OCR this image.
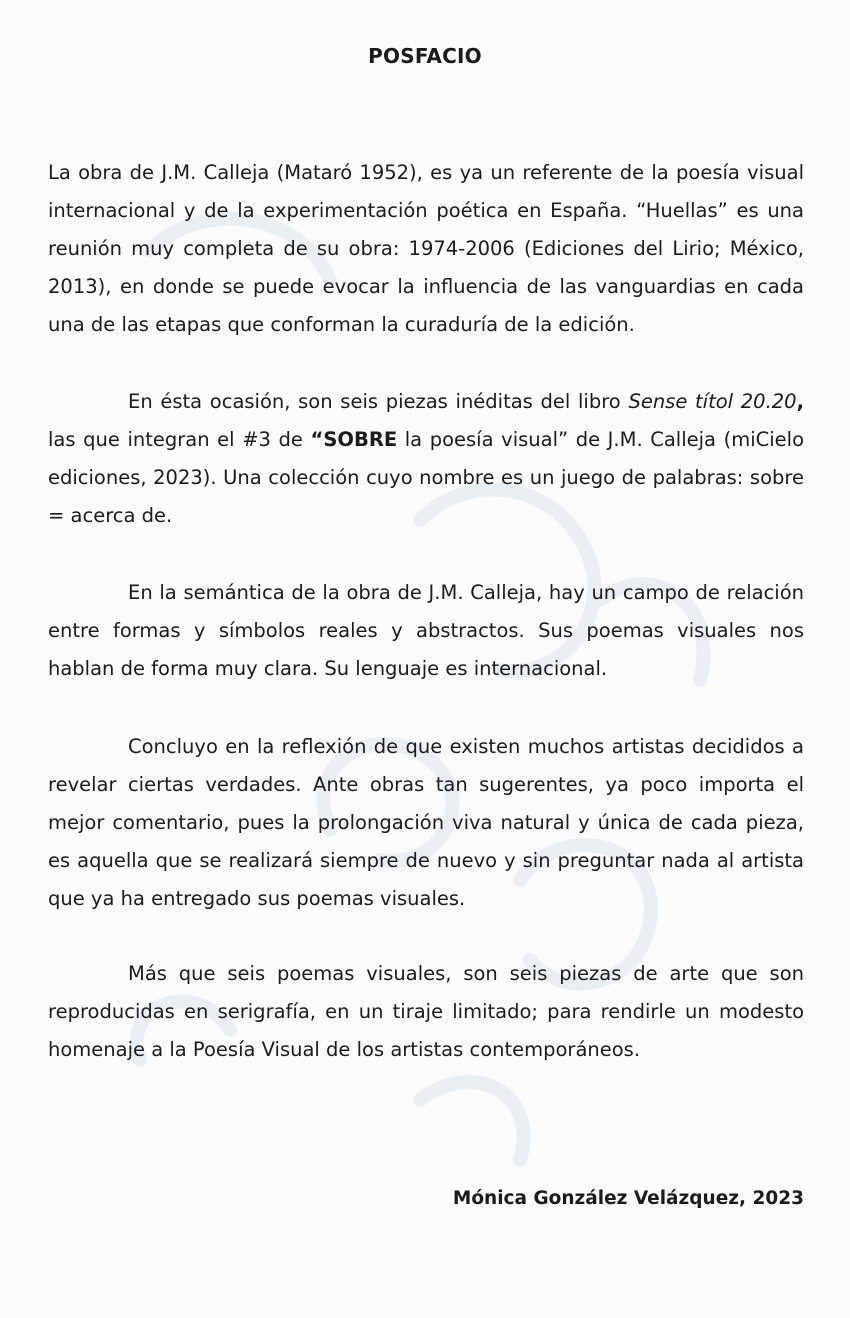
POSFACIO

La obra de J.M. Calleja (Mataró 1952), es ya un referente de la poesía visual internacional y de la experimentación poética en España. “Huellas” es una reunión muy completa de su obra: 1974-2006 (Ediciones del Lirio; México, 2013), en donde se puede evocar la influencia de las vanguardias en cada una de las etapas que conforman la curaduría de la edición.

En ésta ocasión, son seis piezas inéditas del libro Sense títol 20.20, las que integran el #3 de “SOBRE la poesía visual” de J.M. Calleja (miCielo ediciones, 2023). Una colección cuyo nombre es un juego de palabras: sobre = acerca de.

En la semántica de la obra de J.M. Calleja, hay un campo de relación entre formas y símbolos reales y abstractos. Sus poemas visuales nos hablan de forma muy clara. Su lenguaje es internacional.

Concluyo en la reflexión de que existen muchos artistas decididos a revelar ciertas verdades. Ante obras tan sugerentes, ya poco importa el mejor comentario, pues la prolongación viva natural y única de cada pieza, es aquella que se realizará siempre de nuevo y sin preguntar nada al artista que ya ha entregado sus poemas visuales.

Más que seis poemas visuales, son seis piezas de arte que son reproducidas en serigrafía, en un tiraje limitado; para rendirle un modesto homenaje a la Poesía Visual de los artistas contemporáneos.

Mónica González Velázquez, 2023
